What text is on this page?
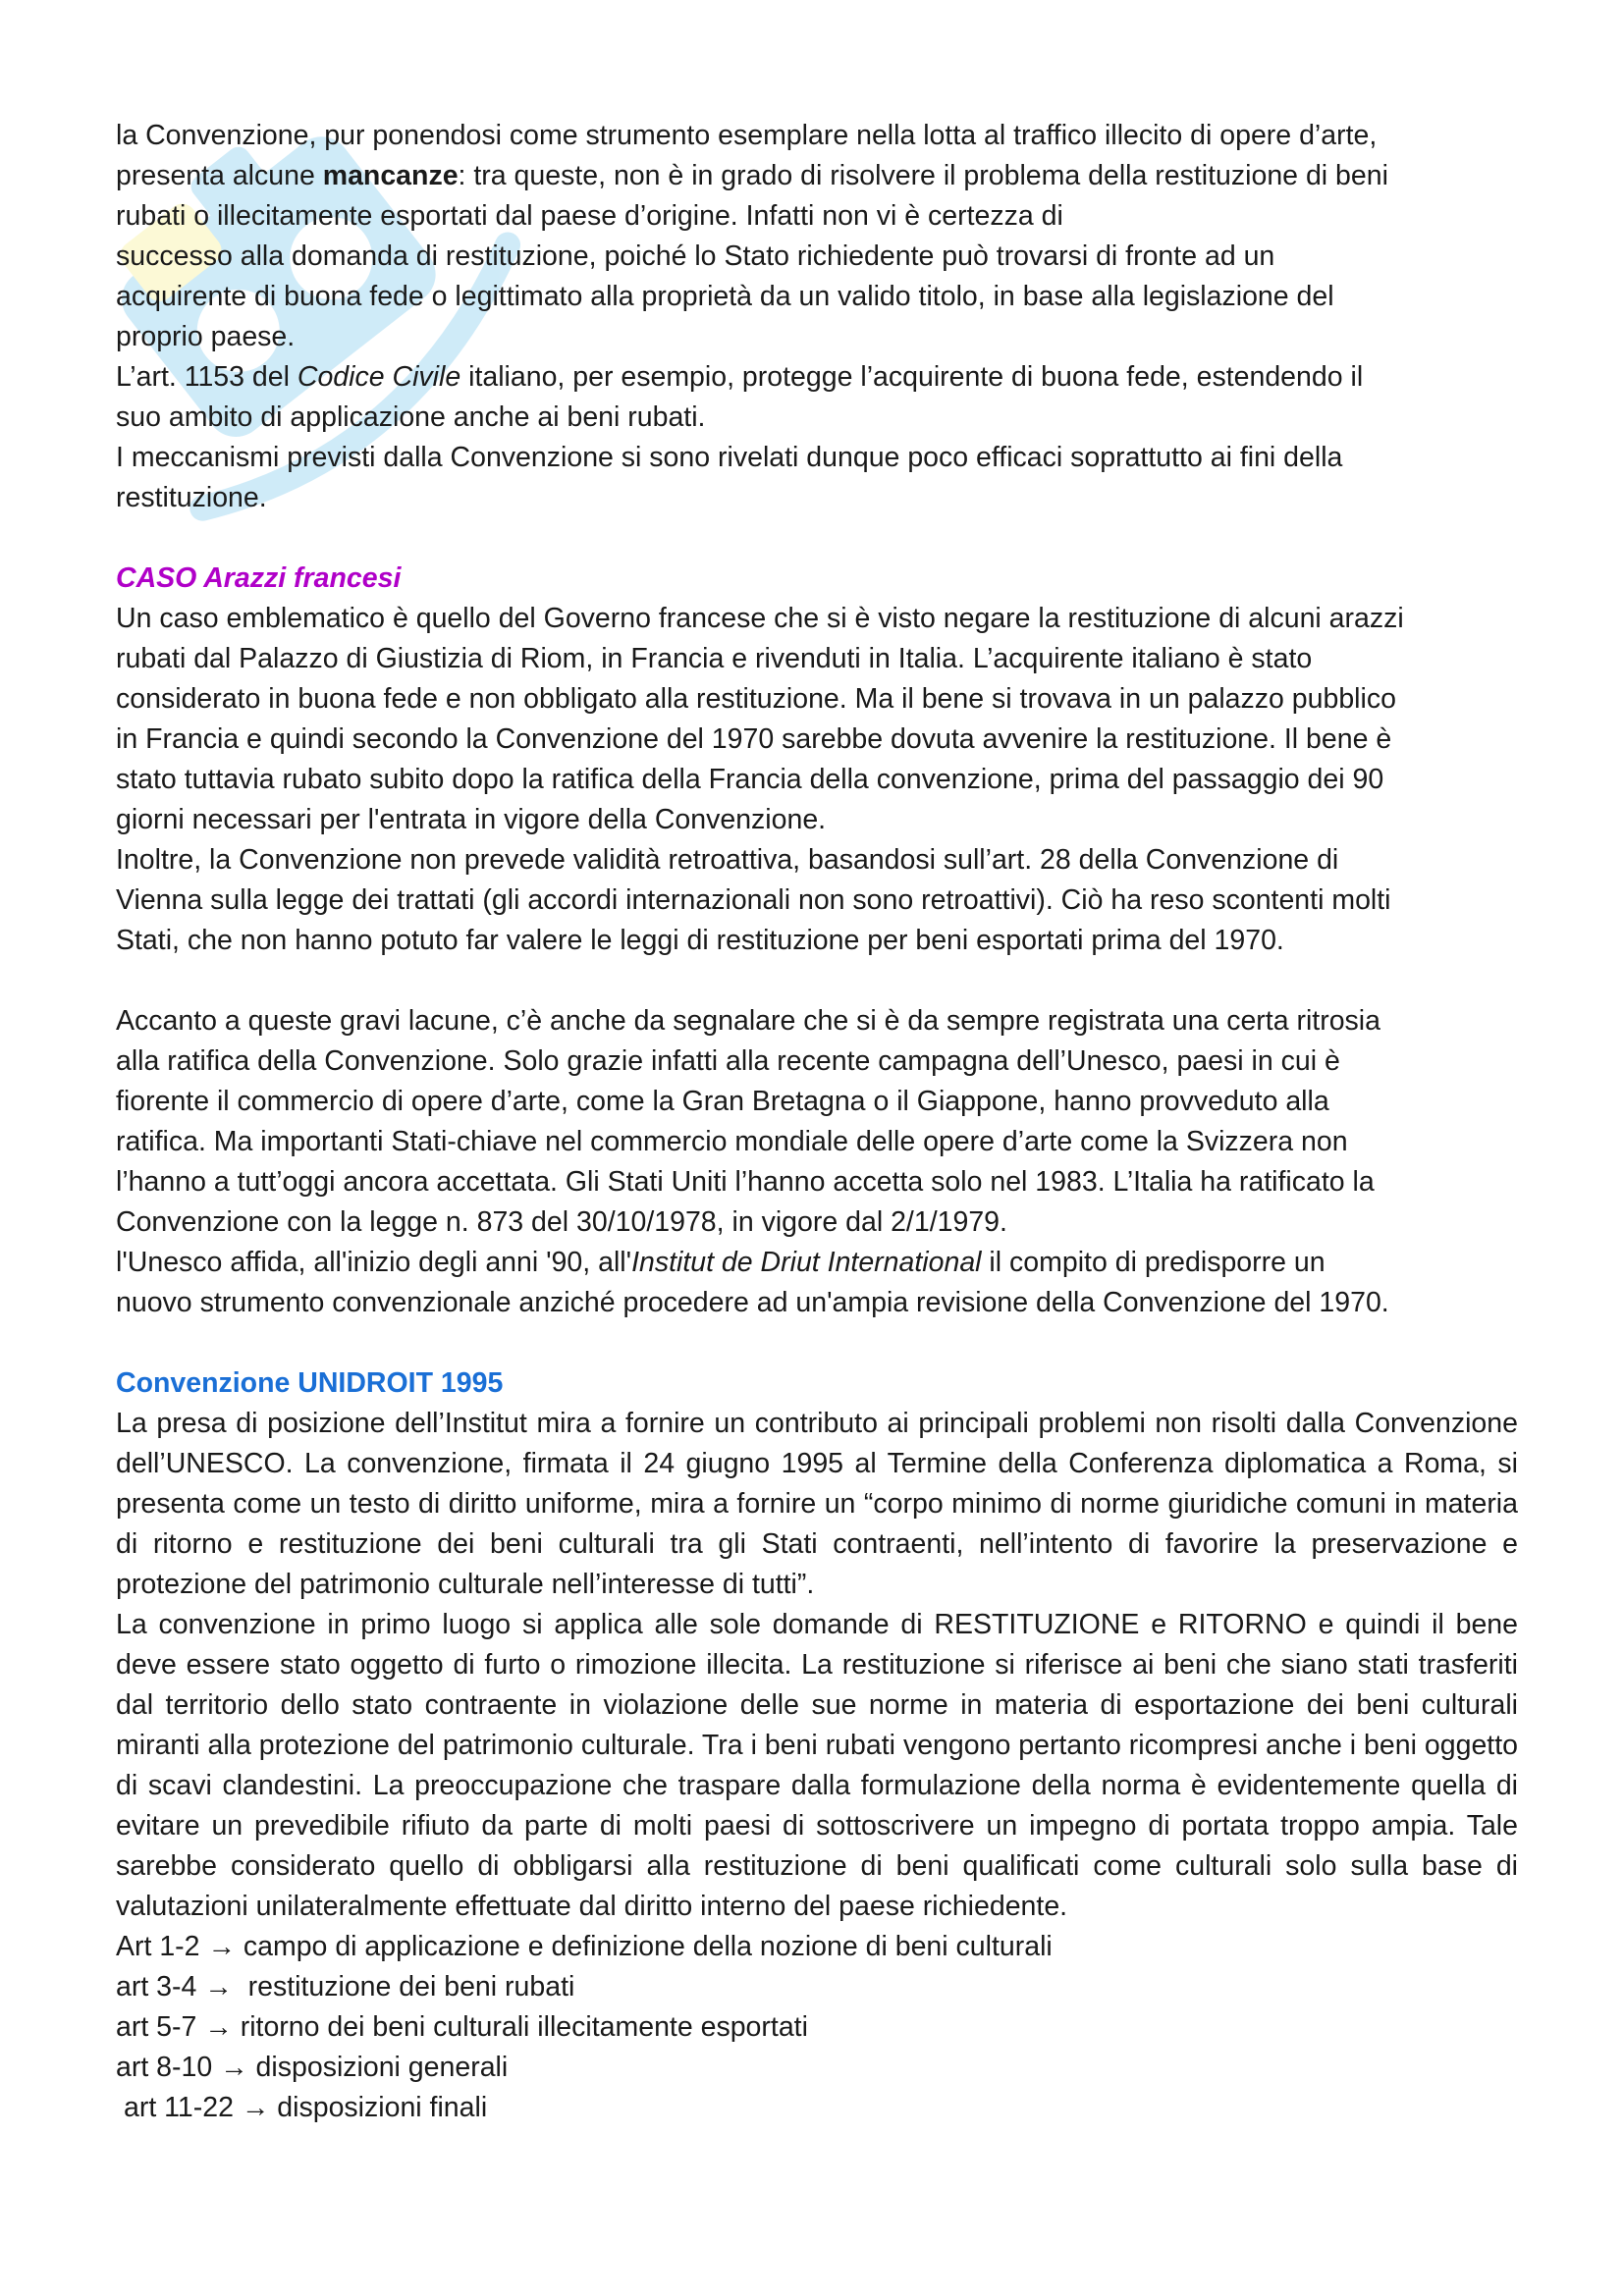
la Convenzione, pur ponendosi come strumento esemplare nella lotta al traffico illecito di opere d’arte,

presenta alcune mancanze: tra queste, non è in grado di risolvere il problema della restituzione di beni

rubati o illecitamente esportati dal paese d’origine. Infatti non vi è certezza di

successo alla domanda di restituzione, poiché lo Stato richiedente può trovarsi di fronte ad un

acquirente di buona fede o legittimato alla proprietà da un valido titolo, in base alla legislazione del

proprio paese.

L’art. 1153 del Codice Civile italiano, per esempio, protegge l’acquirente di buona fede, estendendo il

suo ambito di applicazione anche ai beni rubati.

I meccanismi previsti dalla Convenzione si sono rivelati dunque poco efficaci soprattutto ai fini della

restituzione.

CASO Arazzi francesi

Un caso emblematico è quello del Governo francese che si è visto negare la restituzione di alcuni arazzi

rubati dal Palazzo di Giustizia di Riom, in Francia e rivenduti in Italia. L’acquirente italiano è stato

considerato in buona fede e non obbligato alla restituzione. Ma il bene si trovava in un palazzo pubblico

in Francia e quindi secondo la Convenzione del 1970 sarebbe dovuta avvenire la restituzione. Il bene è

stato tuttavia rubato subito dopo la ratifica della Francia della convenzione, prima del passaggio dei 90

giorni necessari per l'entrata in vigore della Convenzione.

Inoltre, la Convenzione non prevede validità retroattiva, basandosi sull’art. 28 della Convenzione di

Vienna sulla legge dei trattati (gli accordi internazionali non sono retroattivi). Ciò ha reso scontenti molti

Stati, che non hanno potuto far valere le leggi di restituzione per beni esportati prima del 1970.

Accanto a queste gravi lacune, c’è anche da segnalare che si è da sempre registrata una certa ritrosia

alla ratifica della Convenzione. Solo grazie infatti alla recente campagna dell’Unesco, paesi in cui è

fiorente il commercio di opere d’arte, come la Gran Bretagna o il Giappone, hanno provveduto alla

ratifica. Ma importanti Stati-chiave nel commercio mondiale delle opere d’arte come la Svizzera non

l’hanno a tutt’oggi ancora accettata. Gli Stati Uniti l’hanno accetta solo nel 1983. L’Italia ha ratificato la

Convenzione con la legge n. 873 del 30/10/1978, in vigore dal 2/1/1979.

l'Unesco affida, all'inizio degli anni '90, all'Institut de Driut International il compito di predisporre un

nuovo strumento convenzionale anziché procedere ad un'ampia revisione della Convenzione del 1970.

Convenzione UNIDROIT 1995

La presa di posizione dell’Institut mira a fornire un contributo ai principali problemi non risolti dalla Convenzione dell’UNESCO. La convenzione, firmata il 24 giugno 1995 al Termine della Conferenza diplomatica a Roma, si presenta come un testo di diritto uniforme, mira a fornire un “corpo minimo di norme giuridiche comuni in materia di ritorno e restituzione dei beni culturali tra gli Stati contraenti, nell’intento di favorire la preservazione e protezione del patrimonio culturale nell’interesse di tutti”.

La convenzione in primo luogo si applica alle sole domande di RESTITUZIONE e RITORNO e quindi il bene deve essere stato oggetto di furto o rimozione illecita. La restituzione si riferisce ai beni che siano stati trasferiti dal territorio dello stato contraente in violazione delle sue norme in materia di esportazione dei beni culturali miranti alla protezione del patrimonio culturale. Tra i beni rubati vengono pertanto ricompresi anche i beni oggetto di scavi clandestini. La preoccupazione che traspare dalla formulazione della norma è evidentemente quella di evitare un prevedibile rifiuto da parte di molti paesi di sottoscrivere un impegno di portata troppo ampia. Tale sarebbe considerato quello di obbligarsi alla restituzione di beni qualificati come culturali solo sulla base di valutazioni unilateralmente effettuate dal diritto interno del paese richiedente.

Art 1-2 → campo di applicazione e definizione della nozione di beni culturali

art 3-4 →  restituzione dei beni rubati

art 5-7 → ritorno dei beni culturali illecitamente esportati

art 8-10 → disposizioni generali

art 11-22 → disposizioni finali
